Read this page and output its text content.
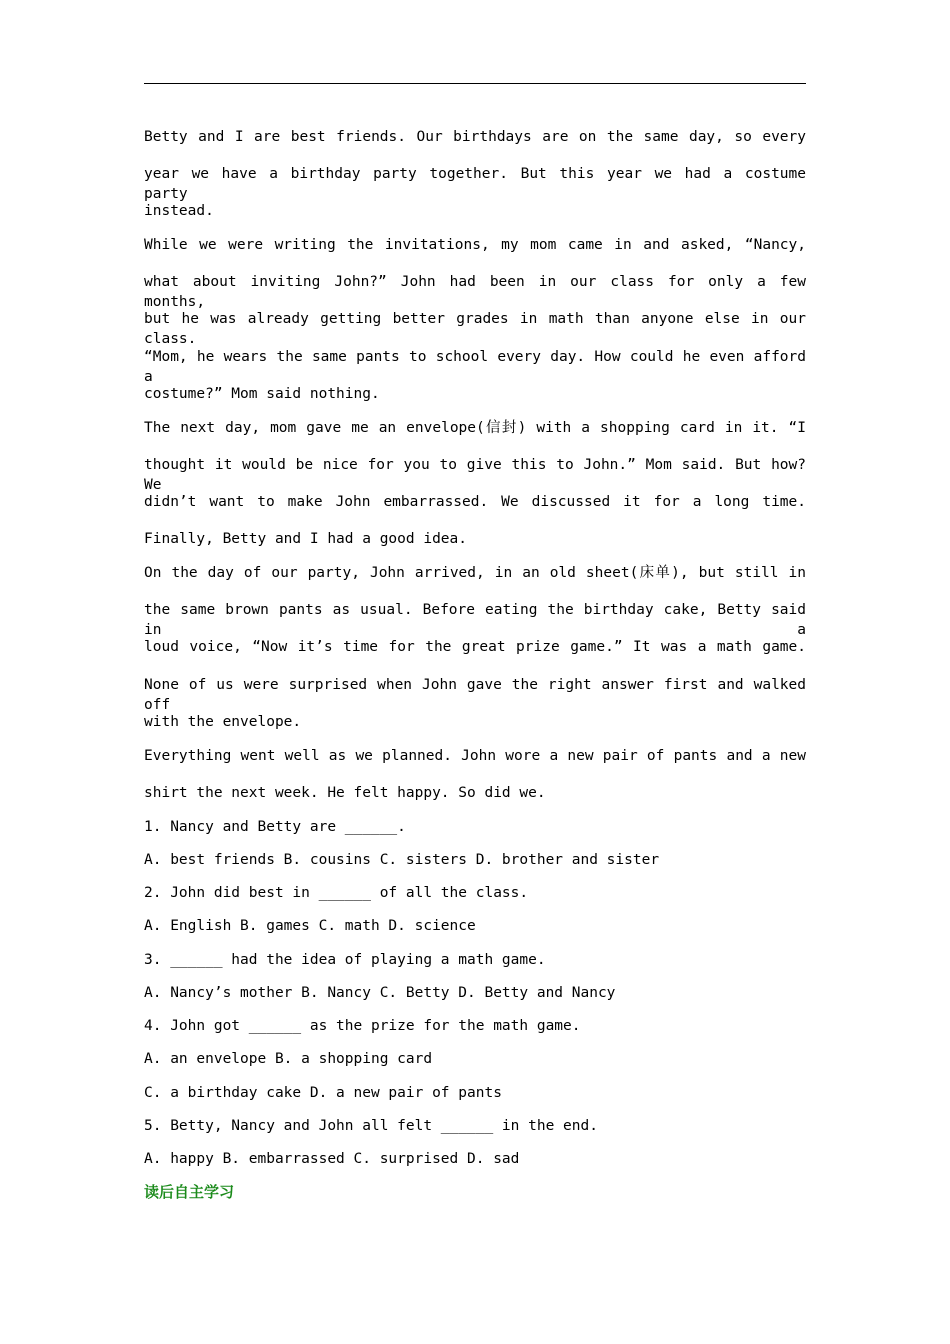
Betty and I are best friends. Our birthdays are on the same day, so every
year we have a birthday party together. But this year we had a costume party
instead.
While we were writing the invitations, my mom came in and asked, “Nancy,
what about inviting John?” John had been in our class for only a few months,
but he was already getting better grades in math than anyone else in our class.
“Mom, he wears the same pants to school every day. How could he even afford a
costume?” Mom said nothing.
The next day, mom gave me an envelope(信封) with a shopping card in it. “I
thought it would be nice for you to give this to John.” Mom said. But how? We
didn’t want to make John embarrassed. We discussed it for a long time.
Finally, Betty and I had a good idea.
On the day of our party, John arrived, in an old sheet(床单), but still in
the same brown pants as usual. Before eating the birthday cake, Betty said in a
loud voice, “Now it’s time for the great prize game.” It was a math game.
None of us were surprised when John gave the right answer first and walked off
with the envelope.
Everything went well as we planned. John wore a new pair of pants and a new
shirt the next week. He felt happy. So did we.
1. Nancy and Betty are ______.
A. best friends B. cousins C. sisters D. brother and sister
2. John did best in ______ of all the class.
A. English B. games C. math D. science
3. ______ had the idea of playing a math game.
A. Nancy’s mother B. Nancy C. Betty D. Betty and Nancy
4. John got ______ as the prize for the math game.
A. an envelope B. a shopping card
C. a birthday cake D. a new pair of pants
5. Betty, Nancy and John all felt ______ in the end.
A. happy B. embarrassed C. surprised D. sad
读后自主学习
